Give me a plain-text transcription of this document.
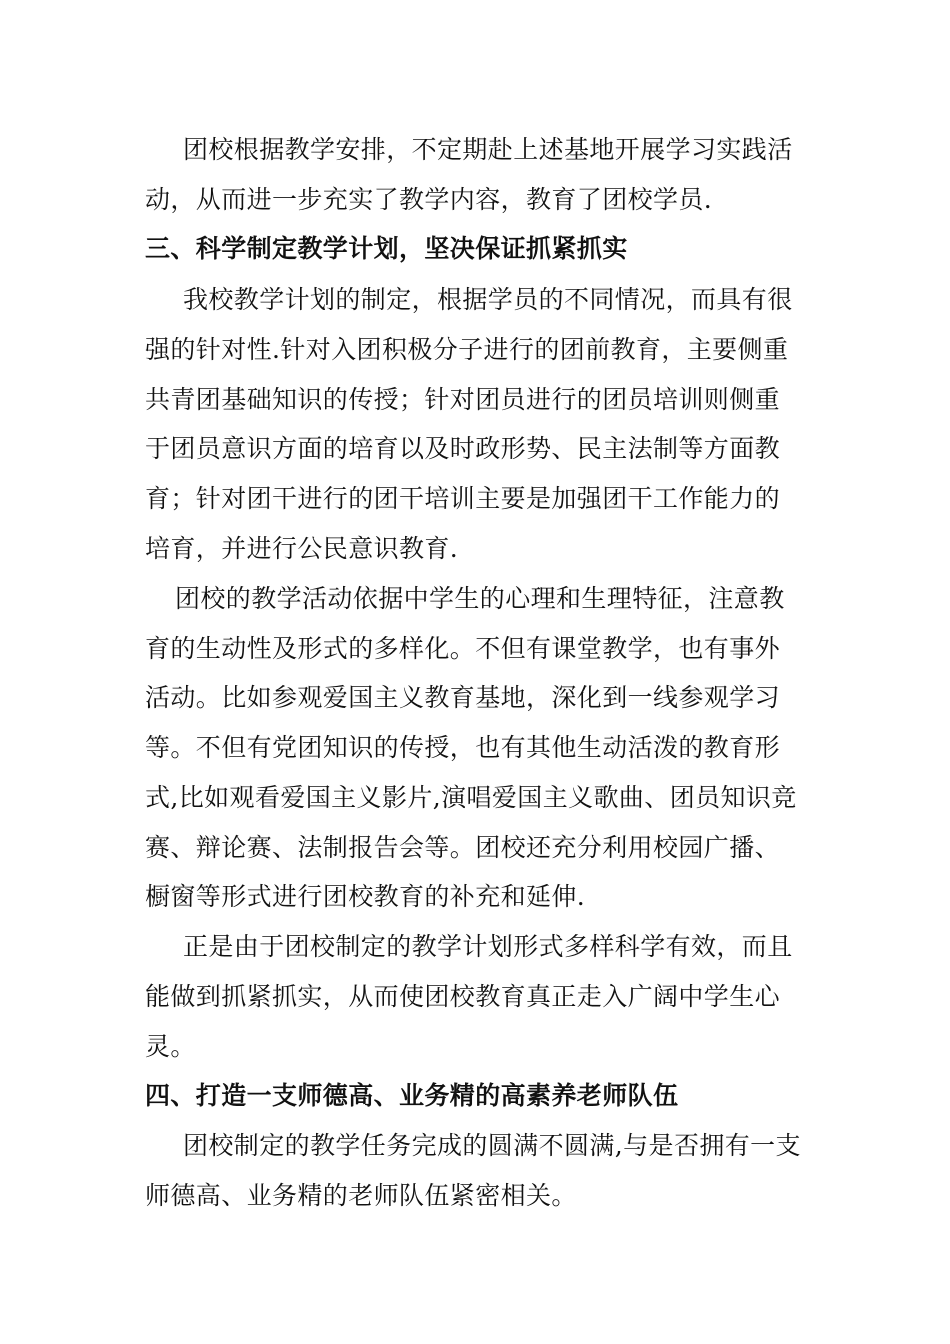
团校根据教学安排，不定期赴上述基地开展学习实践活
动，从而进一步充实了教学内容，教育了团校学员.
三、科学制定教学计划，坚决保证抓紧抓实
我校教学计划的制定，根据学员的不同情况，而具有很
强的针对性.针对入团积极分子进行的团前教育，主要侧重
共青团基础知识的传授；针对团员进行的团员培训则侧重
于团员意识方面的培育以及时政形势、民主法制等方面教
育；针对团干进行的团干培训主要是加强团干工作能力的
培育，并进行公民意识教育.
团校的教学活动依据中学生的心理和生理特征，注意教
育的生动性及形式的多样化。不但有课堂教学，也有事外
活动。比如参观爱国主义教育基地，深化到一线参观学习
等。不但有党团知识的传授，也有其他生动活泼的教育形
式,比如观看爱国主义影片,演唱爱国主义歌曲、团员知识竞
赛、辩论赛、法制报告会等。团校还充分利用校园广播、
橱窗等形式进行团校教育的补充和延伸.
正是由于团校制定的教学计划形式多样科学有效，而且
能做到抓紧抓实，从而使团校教育真正走入广阔中学生心
灵。
四、打造一支师德高、业务精的高素养老师队伍
团校制定的教学任务完成的圆满不圆满,与是否拥有一支
师德高、业务精的老师队伍紧密相关。
